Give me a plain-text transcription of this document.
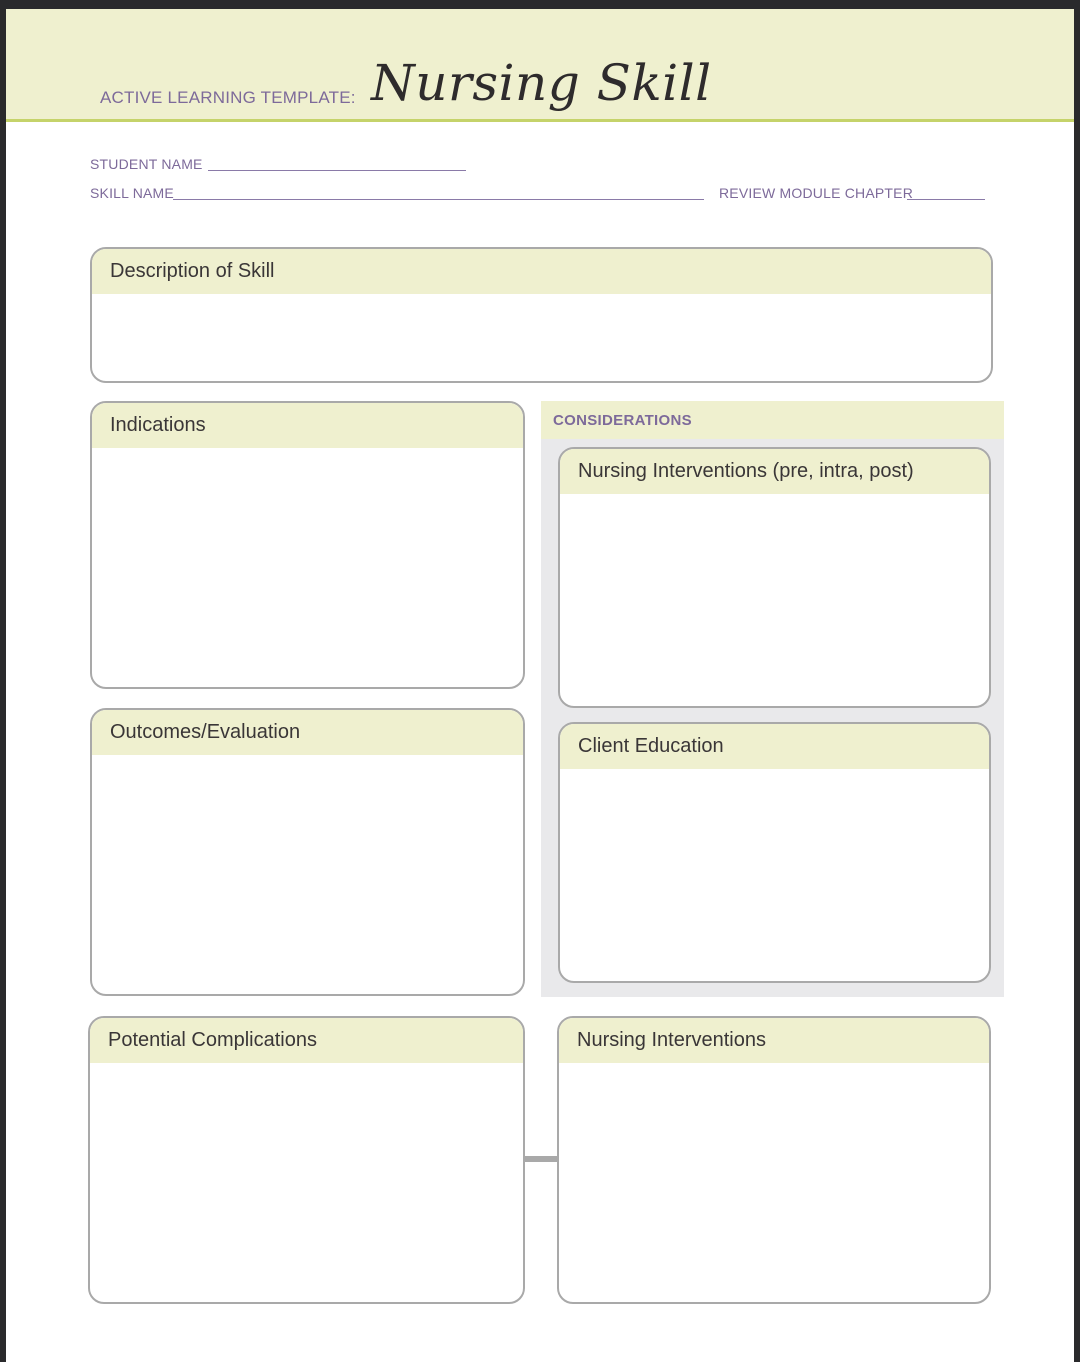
ACTIVE LEARNING TEMPLATE: Nursing Skill
STUDENT NAME
SKILL NAME	REVIEW MODULE CHAPTER
Description of Skill
Indications
Outcomes/Evaluation
CONSIDERATIONS
Nursing Interventions (pre, intra, post)
Client Education
Potential Complications	Nursing Interventions
